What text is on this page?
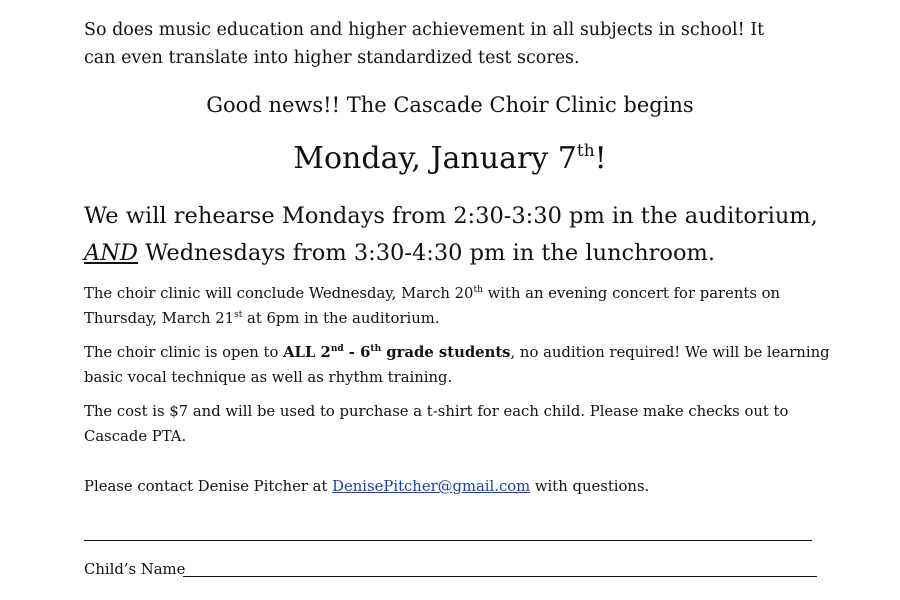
So does music education and higher achievement in all subjects in school! It
can even translate into higher standardized test scores.

Good news!! The Cascade Choir Clinic begins

Monday, January 7th!

We will rehearse Mondays from 2:30-3:30 pm in the auditorium,
AND Wednesdays from 3:30-4:30 pm in the lunchroom.

The choir clinic will conclude Wednesday, March 20th with an evening concert for parents on
Thursday, March 21st at 6pm in the auditorium.

The choir clinic is open to ALL 2nd - 6th grade students, no audition required! We will be learning
basic vocal technique as well as rhythm training.

The cost is $7 and will be used to purchase a t-shirt for each child. Please make checks out to
Cascade PTA.

Please contact Denise Pitcher at DenisePitcher@gmail.com with questions.

Child’s Name
